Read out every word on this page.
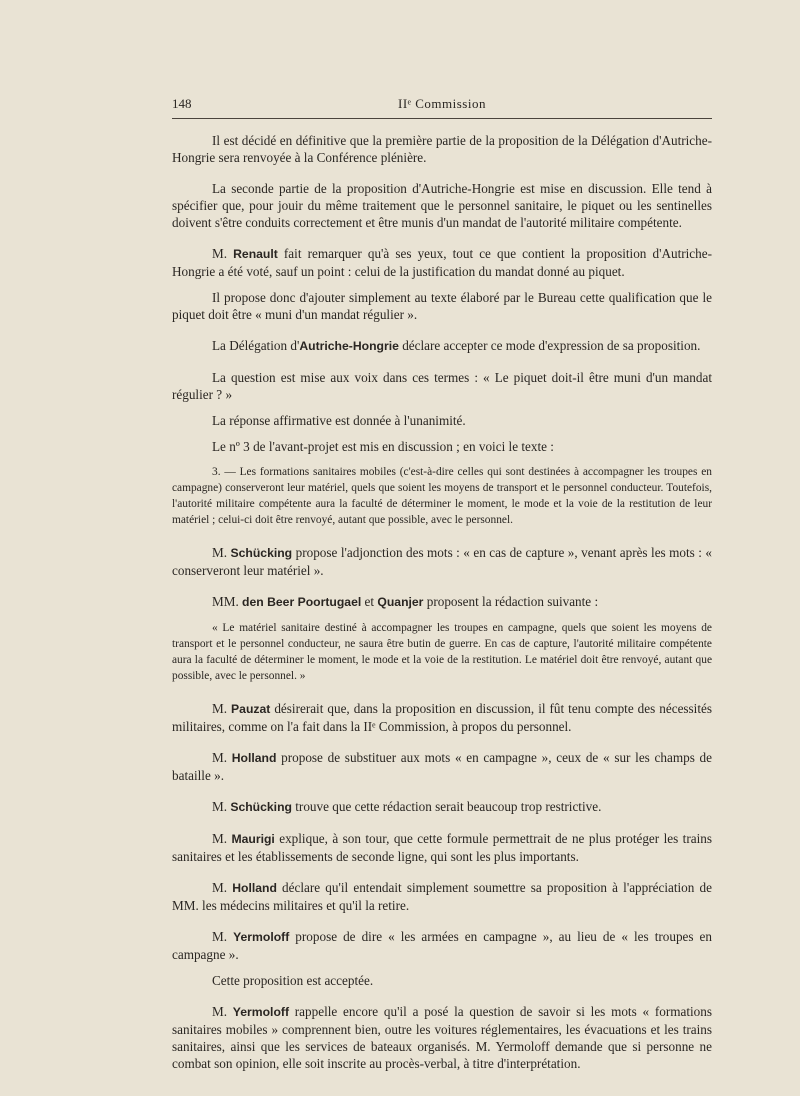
148	IIᵉ Commission

Il est décidé en définitive que la première partie de la proposition de la Délégation d'Autriche-Hongrie sera renvoyée à la Conférence plénière.

La seconde partie de la proposition d'Autriche-Hongrie est mise en discussion. Elle tend à spécifier que, pour jouir du même traitement que le personnel sanitaire, le piquet ou les sentinelles doivent s'être conduits correctement et être munis d'un mandat de l'autorité militaire compétente.

M. Renault fait remarquer qu'à ses yeux, tout ce que contient la proposition d'Autriche-Hongrie a été voté, sauf un point : celui de la justification du mandat donné au piquet.

Il propose donc d'ajouter simplement au texte élaboré par le Bureau cette qualification que le piquet doit être « muni d'un mandat régulier ».

La Délégation d'Autriche-Hongrie déclare accepter ce mode d'expression de sa proposition.

La question est mise aux voix dans ces termes : « Le piquet doit-il être muni d'un mandat régulier ? »

La réponse affirmative est donnée à l'unanimité.

Le nº 3 de l'avant-projet est mis en discussion ; en voici le texte :

3. — Les formations sanitaires mobiles (c'est-à-dire celles qui sont destinées à accompagner les troupes en campagne) conserveront leur matériel, quels que soient les moyens de transport et le personnel conducteur. Toutefois, l'autorité militaire compétente aura la faculté de déterminer le moment, le mode et la voie de la restitution de leur matériel ; celui-ci doit être renvoyé, autant que possible, avec le personnel.

M. Schücking propose l'adjonction des mots : « en cas de capture », venant après les mots : « conserveront leur matériel ».

MM. den Beer Poortugael et Quanjer proposent la rédaction suivante :

« Le matériel sanitaire destiné à accompagner les troupes en campagne, quels que soient les moyens de transport et le personnel conducteur, ne saura être butin de guerre. En cas de capture, l'autorité militaire compétente aura la faculté de déterminer le moment, le mode et la voie de la restitution. Le matériel doit être renvoyé, autant que possible, avec le personnel. »

M. Pauzat désirerait que, dans la proposition en discussion, il fût tenu compte des nécessités militaires, comme on l'a fait dans la IIᵉ Commission, à propos du personnel.

M. Holland propose de substituer aux mots « en campagne », ceux de « sur les champs de bataille ».

M. Schücking trouve que cette rédaction serait beaucoup trop restrictive.

M. Maurigi explique, à son tour, que cette formule permettrait de ne plus protéger les trains sanitaires et les établissements de seconde ligne, qui sont les plus importants.

M. Holland déclare qu'il entendait simplement soumettre sa proposition à l'appréciation de MM. les médecins militaires et qu'il la retire.

M. Yermoloff propose de dire « les armées en campagne », au lieu de « les troupes en campagne ».

Cette proposition est acceptée.

M. Yermoloff rappelle encore qu'il a posé la question de savoir si les mots « formations sanitaires mobiles » comprennent bien, outre les voitures réglementaires, les évacuations et les trains sanitaires, ainsi que les services de bateaux organisés. M. Yermoloff demande que si personne ne combat son opinion, elle soit inscrite au procès-verbal, à titre d'interprétation.
